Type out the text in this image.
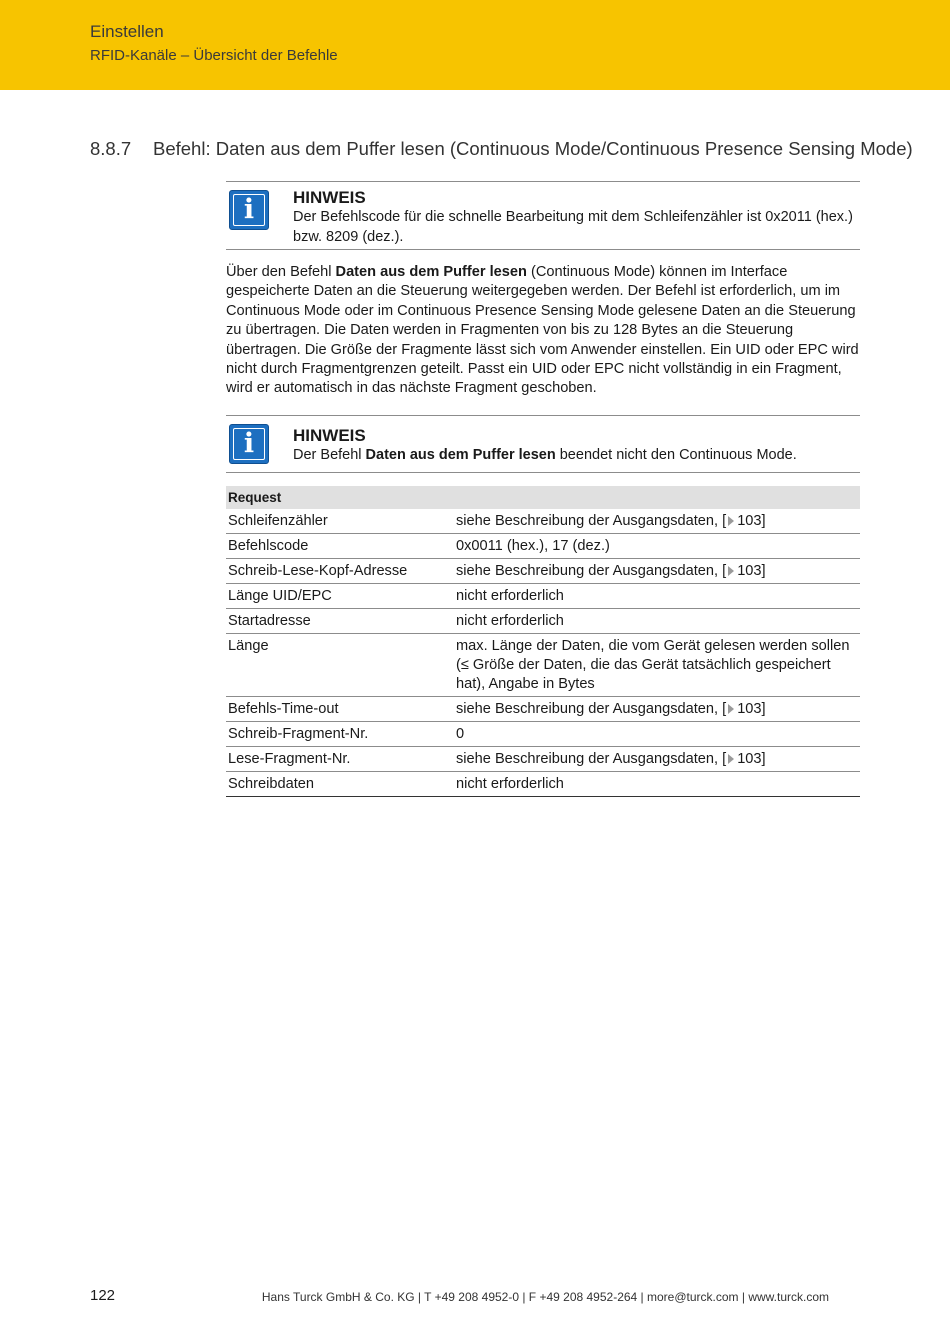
Einstellen
RFID-Kanäle – Übersicht der Befehle
8.8.7 Befehl: Daten aus dem Puffer lesen (Continuous Mode/Continuous Presence Sensing Mode)
i	HINWEIS
Der Befehlscode für die schnelle Bearbeitung mit dem Schleifenzähler ist 0x2011 (hex.) bzw. 8209 (dez.).
Über den Befehl Daten aus dem Puffer lesen (Continuous Mode) können im Interface gespeicherte Daten an die Steuerung weitergegeben werden. Der Befehl ist erforderlich, um im Continuous Mode oder im Continuous Presence Sensing Mode gelesene Daten an die Steuerung zu übertragen. Die Daten werden in Fragmenten von bis zu 128 Bytes an die Steuerung übertragen. Die Größe der Fragmente lässt sich vom Anwender einstellen. Ein UID oder EPC wird nicht durch Fragmentgrenzen geteilt. Passt ein UID oder EPC nicht vollständig in ein Fragment, wird er automatisch in das nächste Fragment geschoben.
i	HINWEIS
Der Befehl Daten aus dem Puffer lesen beendet nicht den Continuous Mode.
Request	
Schleifenzähler	siehe Beschreibung der Ausgangsdaten, [ 103]
Befehlscode	0x0011 (hex.), 17 (dez.)
Schreib-Lese-Kopf-Adresse	siehe Beschreibung der Ausgangsdaten, [ 103]
Länge UID/EPC	nicht erforderlich
Startadresse	nicht erforderlich
Länge	max. Länge der Daten, die vom Gerät gelesen werden sollen (≤ Größe der Daten, die das Gerät tatsächlich gespeichert hat), Angabe in Bytes
Befehls-Time-out	siehe Beschreibung der Ausgangsdaten, [ 103]
Schreib-Fragment-Nr.	0
Lese-Fragment-Nr.	siehe Beschreibung der Ausgangsdaten, [ 103]
Schreibdaten	nicht erforderlich
122	Hans Turck GmbH & Co. KG | T +49 208 4952-0 | F +49 208 4952-264 | more@turck.com | www.turck.com
